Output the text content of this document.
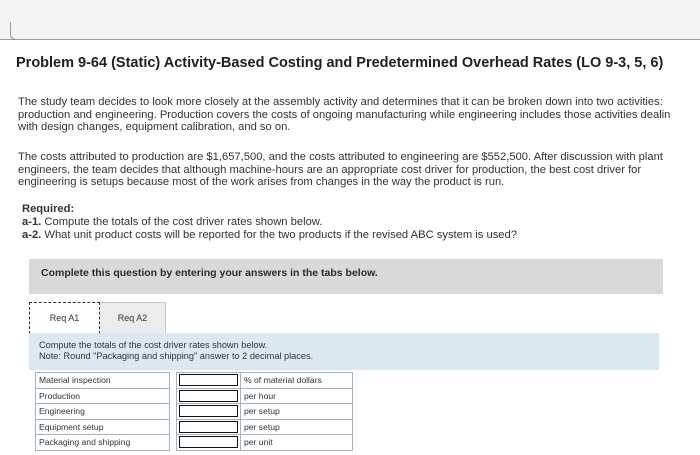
Problem 9-64 (Static) Activity-Based Costing and Predetermined Overhead Rates (LO 9-3, 5, 6)

The study team decides to look more closely at the assembly activity and determines that it can be broken down into two activities:

production and engineering. Production covers the costs of ongoing manufacturing while engineering includes those activities dealin

with design changes, equipment calibration, and so on.

The costs attributed to production are $1,657,500, and the costs attributed to engineering are $552,500. After discussion with plant

engineers, the team decides that although machine-hours are an appropriate cost driver for production, the best cost driver for

engineering is setups because most of the work arises from changes in the way the product is run.

Required:
a-1. Compute the totals of the cost driver rates shown below.
a-2. What unit product costs will be reported for the two products if the revised ABC system is used?
Complete this question by entering your answers in the tabs below.
Req A1	Req A2
Compute the totals of the cost driver rates shown below.
Note: Round "Packaging and shipping" answer to 2 decimal places.
Material inspection			% of material dollars
Production			per hour
Engineering			per setup
Equipment setup			per setup
Packaging and shipping			per unit
